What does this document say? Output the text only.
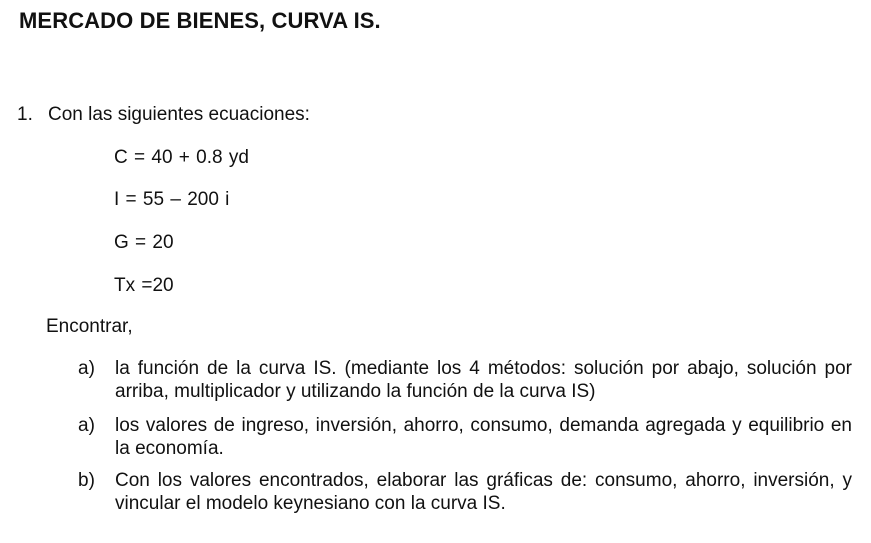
MERCADO DE BIENES, CURVA IS.
1. Con las siguientes ecuaciones:
C = 40 + 0.8 yd
I = 55 – 200 i
G = 20
Tx =20
Encontrar,
a) la función de la curva IS. (mediante los 4 métodos: solución por abajo, solución por arriba, multiplicador y utilizando la función de la curva IS)
a) los valores de ingreso, inversión, ahorro, consumo, demanda agregada y equilibrio en la economía.
b) Con los valores encontrados, elaborar las gráficas de: consumo, ahorro, inversión, y vincular el modelo keynesiano con la curva IS.
